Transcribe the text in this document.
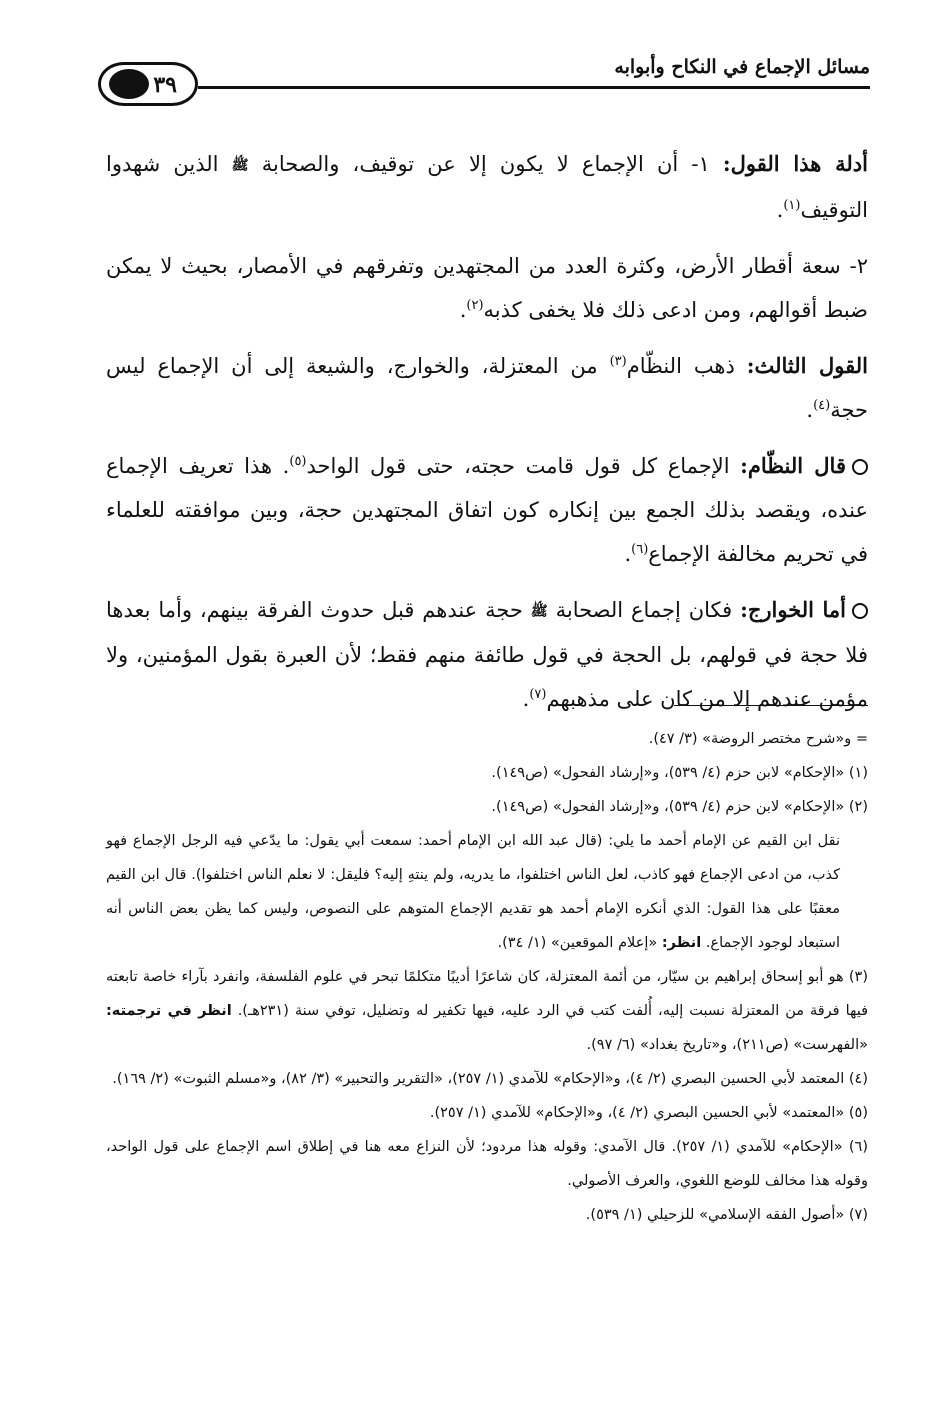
مسائل الإجماع في النكاح وأبوابه
٣٩

أدلة هذا القول: ١- أن الإجماع لا يكون إلا عن توقيف، والصحابة ﷺ الذين شهدوا التوقيف$^{(١)}$.

٢- سعة أقطار الأرض، وكثرة العدد من المجتهدين وتفرقهم في الأمصار، بحيث لا يمكن ضبط أقوالهم، ومن ادعى ذلك فلا يخفى كذبه$^{(٢)}$.

القول الثالث: ذهب النظّام$^{(٣)}$ من المعتزلة، والخوارج، والشيعة إلى أن الإجماع ليس حجة$^{(٤)}$.

قال النظّام: الإجماع كل قول قامت حجته، حتى قول الواحد$^{(٥)}$. هذا تعريف الإجماع عنده، ويقصد بذلك الجمع بين إنكاره كون اتفاق المجتهدين حجة، وبين موافقته للعلماء في تحريم مخالفة الإجماع$^{(٦)}$.

أما الخوارج: فكان إجماع الصحابة ﷺ حجة عندهم قبل حدوث الفرقة بينهم، وأما بعدها فلا حجة في قولهم، بل الحجة في قول طائفة منهم فقط؛ لأن العبرة بقول المؤمنين، ولا مؤمن عندهم إلا من كان على مذهبهم$^{(٧)}$.

= و«شرح مختصر الروضة» (٣/ ٤٧).

(١) «الإحكام» لابن حزم (٤/ ٥٣٩)، و«إرشاد الفحول» (ص١٤٩).

(٢) «الإحكام» لابن حزم (٤/ ٥٣٩)، و«إرشاد الفحول» (ص١٤٩).

نقل ابن القيم عن الإمام أحمد ما يلي: (قال عبد الله ابن الإمام أحمد: سمعت أبي يقول: ما يدّعي فيه الرجل الإجماع فهو كذب، من ادعى الإجماع فهو كاذب، لعل الناس اختلفوا، ما يدريه، ولم ينتهِ إليه؟ فليقل: لا نعلم الناس اختلفوا). قال ابن القيم معقبًا على هذا القول: الذي أنكره الإمام أحمد هو تقديم الإجماع المتوهم على النصوص، وليس كما يظن بعض الناس أنه استبعاد لوجود الإجماع. انظر: «إعلام الموقعين» (١/ ٣٤).

(٣) هو أبو إسحاق إبراهيم بن سيّار، من أئمة المعتزلة، كان شاعرًا أديبًا متكلمًا تبحر في علوم الفلسفة، وانفرد بآراء خاصة تابعته فيها فرقة من المعتزلة نسبت إليه، أُلفت كتب في الرد عليه، فيها تكفير له وتضليل، توفي سنة (٢٣١هـ). انظر في ترجمته: «الفهرست» (ص٢١١)، و«تاريخ بغداد» (٦/ ٩٧).

(٤) المعتمد لأبي الحسين البصري (٢/ ٤)، و«الإحكام» للآمدي (١/ ٢٥٧)، «التقرير والتحبير» (٣/ ٨٢)، و«مسلم الثبوت» (٢/ ١٦٩).

(٥) «المعتمد» لأبي الحسين البصري (٢/ ٤)، و«الإحكام» للآمدي (١/ ٢٥٧).

(٦) «الإحكام» للآمدي (١/ ٢٥٧). قال الآمدي: وقوله هذا مردود؛ لأن النزاع معه هنا في إطلاق اسم الإجماع على قول الواحد، وقوله هذا مخالف للوضع اللغوي، والعرف الأصولي.

(٧) «أصول الفقه الإسلامي» للزحيلي (١/ ٥٣٩).
